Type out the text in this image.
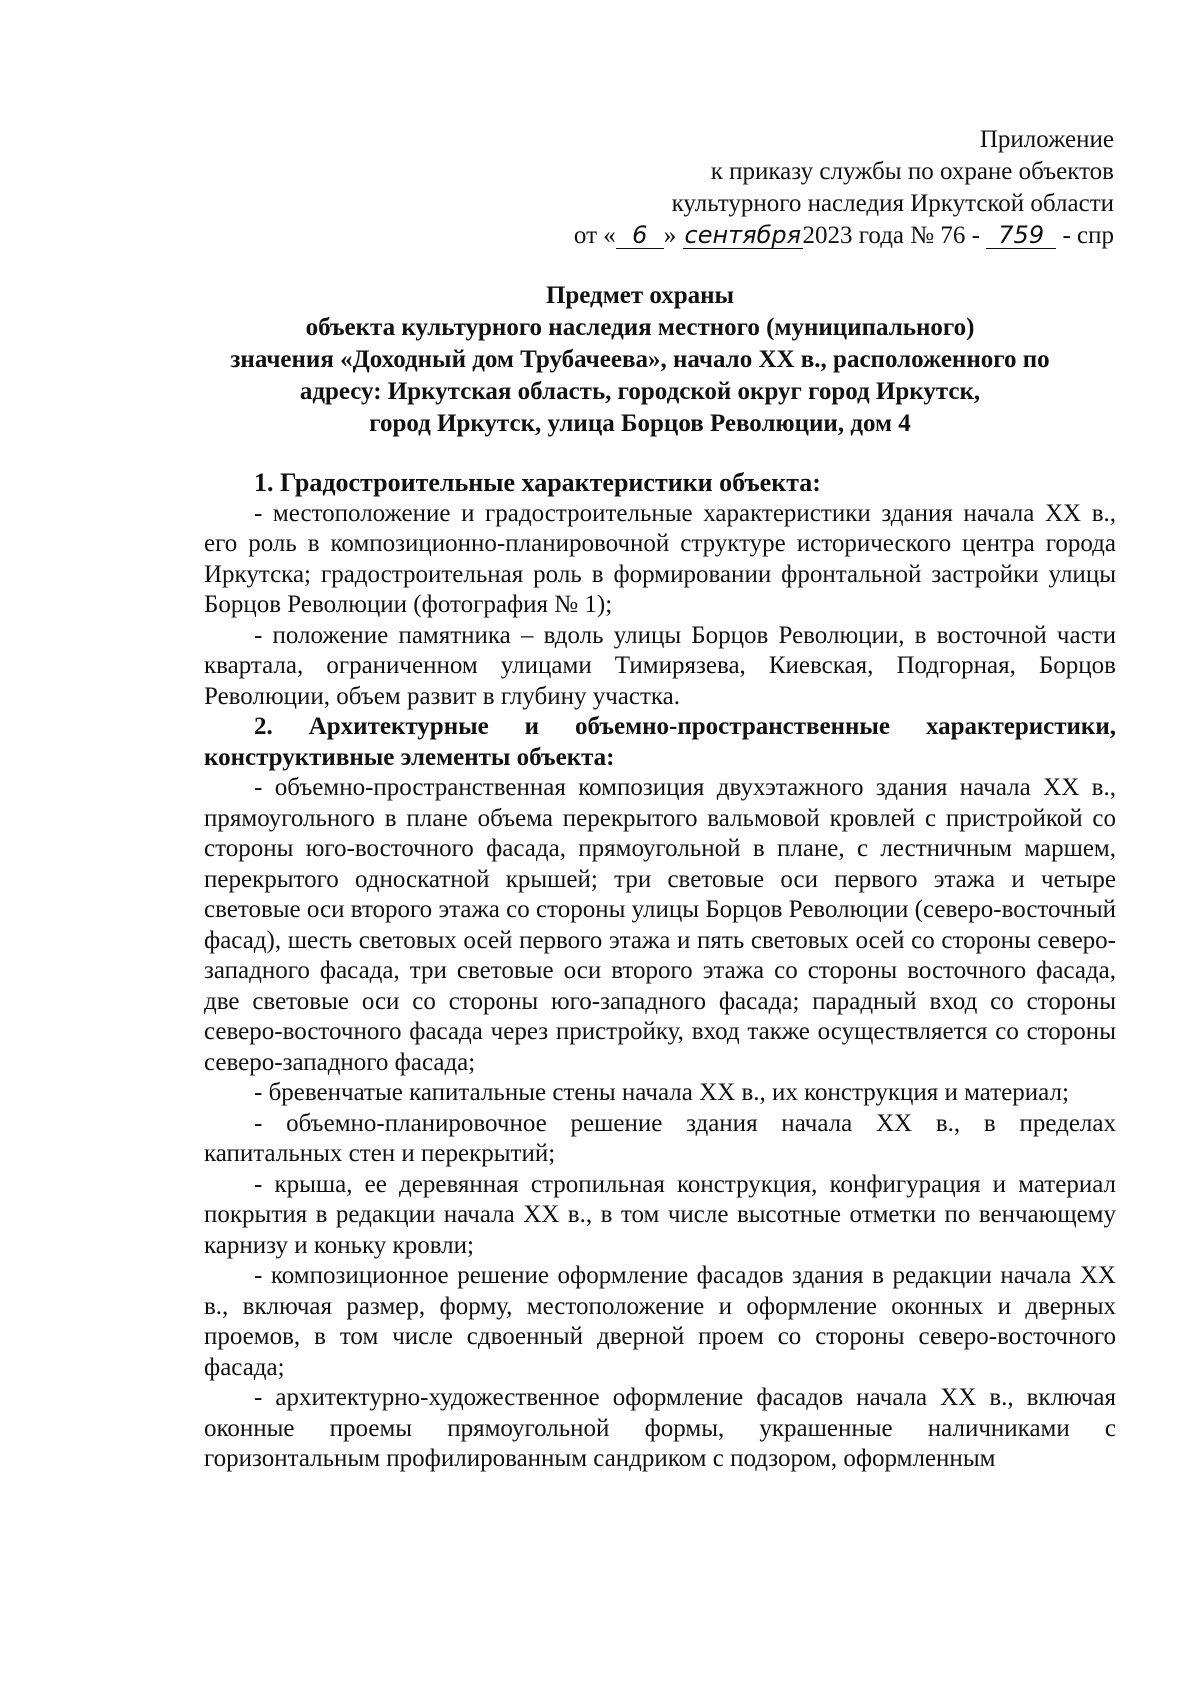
Приложение
к приказу службы по охране объектов
культурного наследия Иркутской области
от « 6 » сентября2023 года № 76 - 759 - спр
Предмет охраны
объекта культурного наследия местного (муниципального)
значения «Доходный дом Трубачеева», начало XX в., расположенного по
адресу: Иркутская область, городской округ город Иркутск,
город Иркутск, улица Борцов Революции, дом 4

1. Градостроительные характеристики объекта:

- местоположение и градостроительные характеристики здания начала XX в., его роль в композиционно-планировочной структуре исторического центра города Иркутска; градостроительная роль в формировании фронтальной застройки улицы Борцов Революции (фотография № 1);

- положение памятника – вдоль улицы Борцов Революции, в восточной части квартала, ограниченном улицами Тимирязева, Киевская, Подгорная, Борцов Революции, объем развит в глубину участка.

2. Архитектурные и объемно-пространственные характеристики, конструктивные элементы объекта:

- объемно-пространственная композиция двухэтажного здания начала XX в., прямоугольного в плане объема перекрытого вальмовой кровлей с пристройкой со стороны юго-восточного фасада, прямоугольной в плане, с лестничным маршем, перекрытого односкатной крышей; три световые оси первого этажа и четыре световые оси второго этажа со стороны улицы Борцов Революции (северо-восточный фасад), шесть световых осей первого этажа и пять световых осей со стороны северо-западного фасада, три световые оси второго этажа со стороны восточного фасада, две световые оси со стороны юго-западного фасада; парадный вход со стороны северо-восточного фасада через пристройку, вход также осуществляется со стороны северо-западного фасада;

- бревенчатые капитальные стены начала XX в., их конструкция и материал;

- объемно-планировочное решение здания начала XX в., в пределах капитальных стен и перекрытий;

- крыша, ее деревянная стропильная конструкция, конфигурация и материал покрытия в редакции начала XX в., в том числе высотные отметки по венчающему карнизу и коньку кровли;

- композиционное решение оформление фасадов здания в редакции начала XX в., включая размер, форму, местоположение и оформление оконных и дверных проемов, в том числе сдвоенный дверной проем со стороны северо-восточного фасада;

- архитектурно-художественное оформление фасадов начала XX в., включая оконные проемы прямоугольной формы, украшенные наличниками с горизонтальным профилированным сандриком с подзором, оформленным
